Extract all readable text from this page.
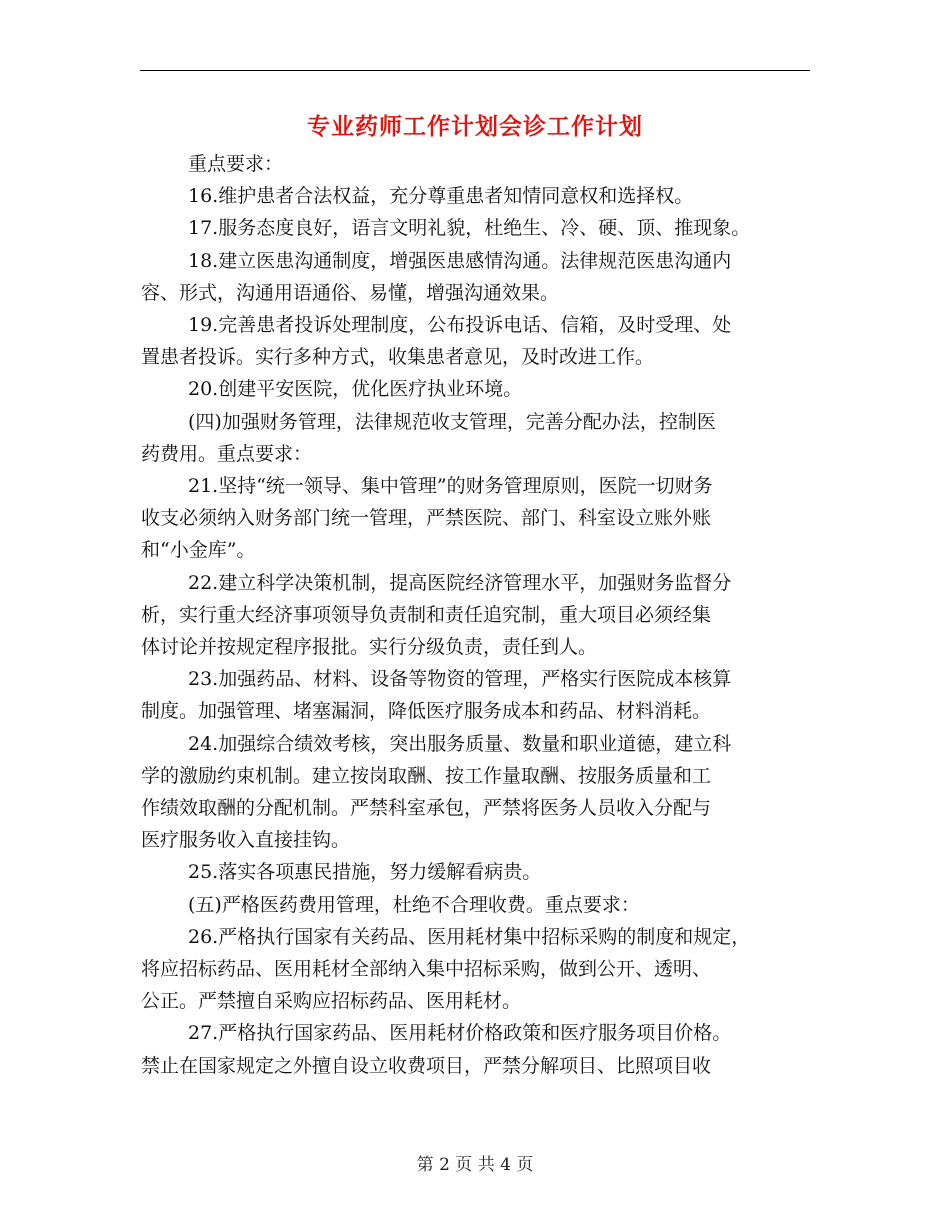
专业药师工作计划会诊工作计划

重点要求：

16.维护患者合法权益，充分尊重患者知情同意权和选择权。

17.服务态度良好，语言文明礼貌，杜绝生、冷、硬、顶、推现象。

18.建立医患沟通制度，增强医患感情沟通。法律规范医患沟通内
容、形式，沟通用语通俗、易懂，增强沟通效果。

19.完善患者投诉处理制度，公布投诉电话、信箱，及时受理、处
置患者投诉。实行多种方式，收集患者意见，及时改进工作。

20.创建平安医院，优化医疗执业环境。

(四)加强财务管理，法律规范收支管理，完善分配办法，控制医
药费用。重点要求：

21.坚持“统一领导、集中管理”的财务管理原则，医院一切财务
收支必须纳入财务部门统一管理，严禁医院、部门、科室设立账外账
和“小金库”。

22.建立科学决策机制，提高医院经济管理水平，加强财务监督分
析，实行重大经济事项领导负责制和责任追究制，重大项目必须经集
体讨论并按规定程序报批。实行分级负责，责任到人。

23.加强药品、材料、设备等物资的管理，严格实行医院成本核算
制度。加强管理、堵塞漏洞，降低医疗服务成本和药品、材料消耗。

24.加强综合绩效考核，突出服务质量、数量和职业道德，建立科
学的激励约束机制。建立按岗取酬、按工作量取酬、按服务质量和工
作绩效取酬的分配机制。严禁科室承包，严禁将医务人员收入分配与
医疗服务收入直接挂钩。

25.落实各项惠民措施，努力缓解看病贵。

(五)严格医药费用管理，杜绝不合理收费。重点要求：

26.严格执行国家有关药品、医用耗材集中招标采购的制度和规定，
将应招标药品、医用耗材全部纳入集中招标采购，做到公开、透明、
公正。严禁擅自采购应招标药品、医用耗材。

27.严格执行国家药品、医用耗材价格政策和医疗服务项目价格。
禁止在国家规定之外擅自设立收费项目，严禁分解项目、比照项目收

第 2 页 共 4 页
